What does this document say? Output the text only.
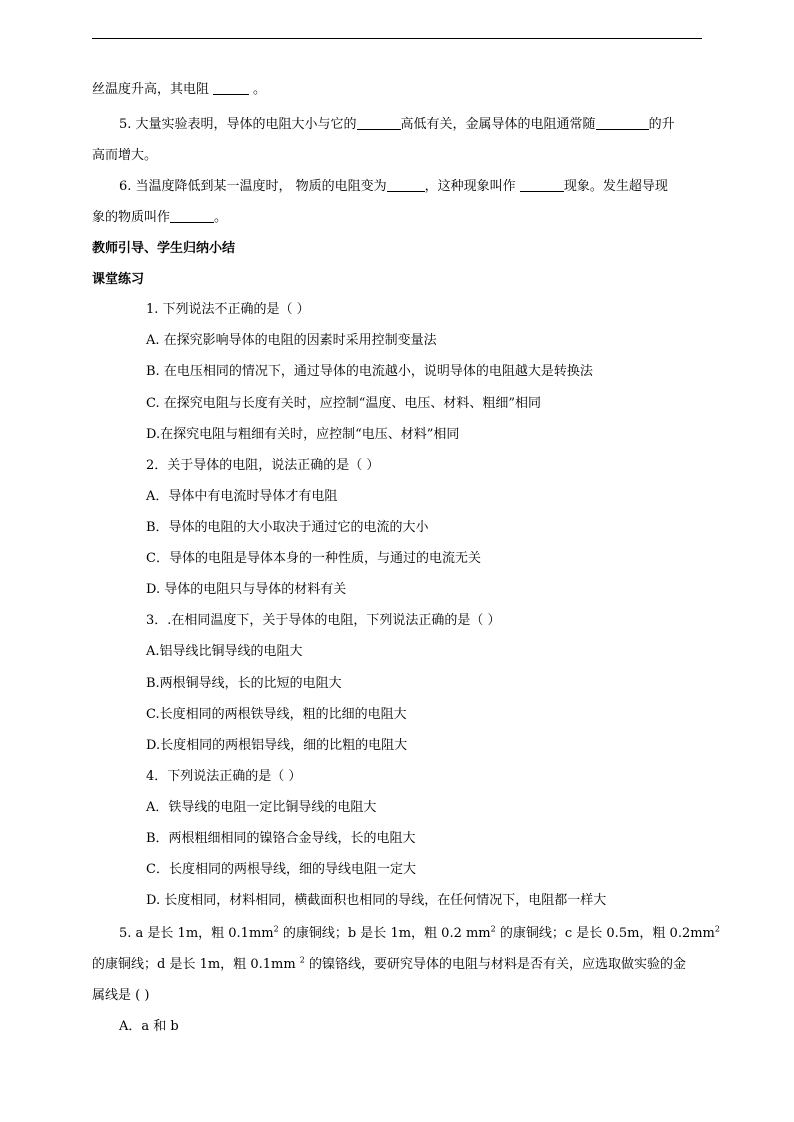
丝温度升高，其电阻	。
5. 大量实验表明，导体的电阻大小与它的	高低有关，金属导体的电阻通常随	的升
高而增大。
6. 当温度降低到某一温度时， 物质的电阻变为	，这种现象叫作	现象。发生超导现
象的物质叫作	。
教师引导、学生归纳小结
课堂练习
1. 下列说法不正确的是（ ）
A. 在探究影响导体的电阻的因素时采用控制变量法
B. 在电压相同的情况下，通过导体的电流越小，说明导体的电阻越大是转换法
C. 在探究电阻与长度有关时，应控制“温度、电压、材料、粗细”相同
D.在探究电阻与粗细有关时，应控制“电压、材料”相同
2．关于导体的电阻，说法正确的是（ ）
A．导体中有电流时导体才有电阻
B．导体的电阻的大小取决于通过它的电流的大小
C．导体的电阻是导体本身的一种性质，与通过的电流无关
D. 导体的电阻只与导体的材料有关
3．.在相同温度下，关于导体的电阻，下列说法正确的是（ ）
A.铝导线比铜导线的电阻大
B.两根铜导线，长的比短的电阻大
C.长度相同的两根铁导线，粗的比细的电阻大
D.长度相同的两根铝导线，细的比粗的电阻大
4．下列说法正确的是（ ）
A．铁导线的电阻一定比铜导线的电阻大
B．两根粗细相同的镍铬合金导线，长的电阻大
C．长度相同的两根导线，细的导线电阻一定大
D. 长度相同，材料相同，横截面积也相同的导线，在任何情况下，电阻都一样大
5. a 是长 1m，粗 $0.1mm^2$ 的康铜线；b 是长 1m，粗 0.2 $mm^2$ 的康铜线；c 是长 0.5m，粗 $0.2mm^2$
的康铜线；d 是长 1m，粗 0.1mm $^2$ 的镍铬线，要研究导体的电阻与材料是否有关，应选取做实验的金
属线是 ( )
A．a 和 b
